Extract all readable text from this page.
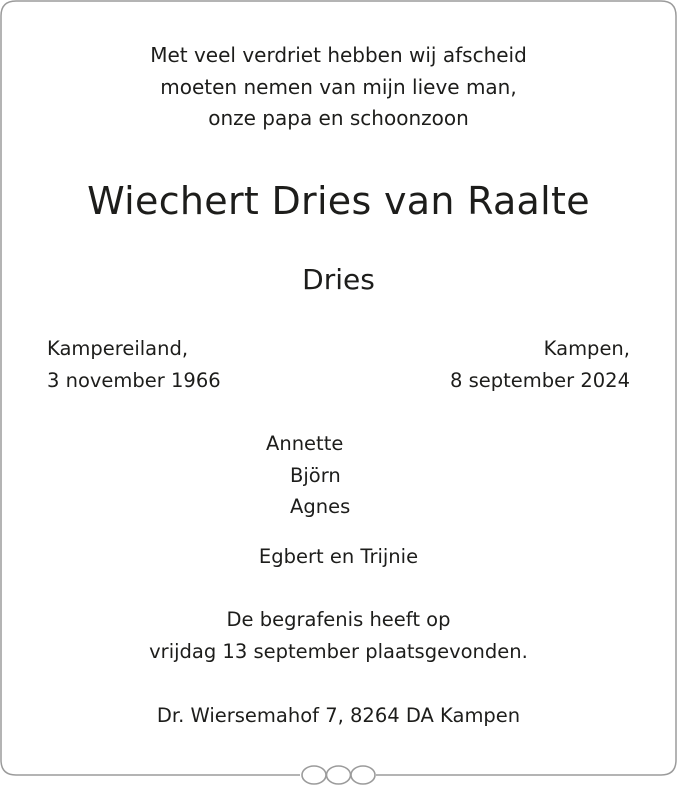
Met veel verdriet hebben wij afscheid
moeten nemen van mijn lieve man,
onze papa en schoonzoon
Wiechert Dries van Raalte
Dries
Kampereiland,
3 november 1966
Kampen,
8 september 2024
Annette
Björn
Agnes
Egbert en Trijnie
De begrafenis heeft op
vrijdag 13 september plaatsgevonden.
Dr. Wiersemahof 7, 8264 DA Kampen
